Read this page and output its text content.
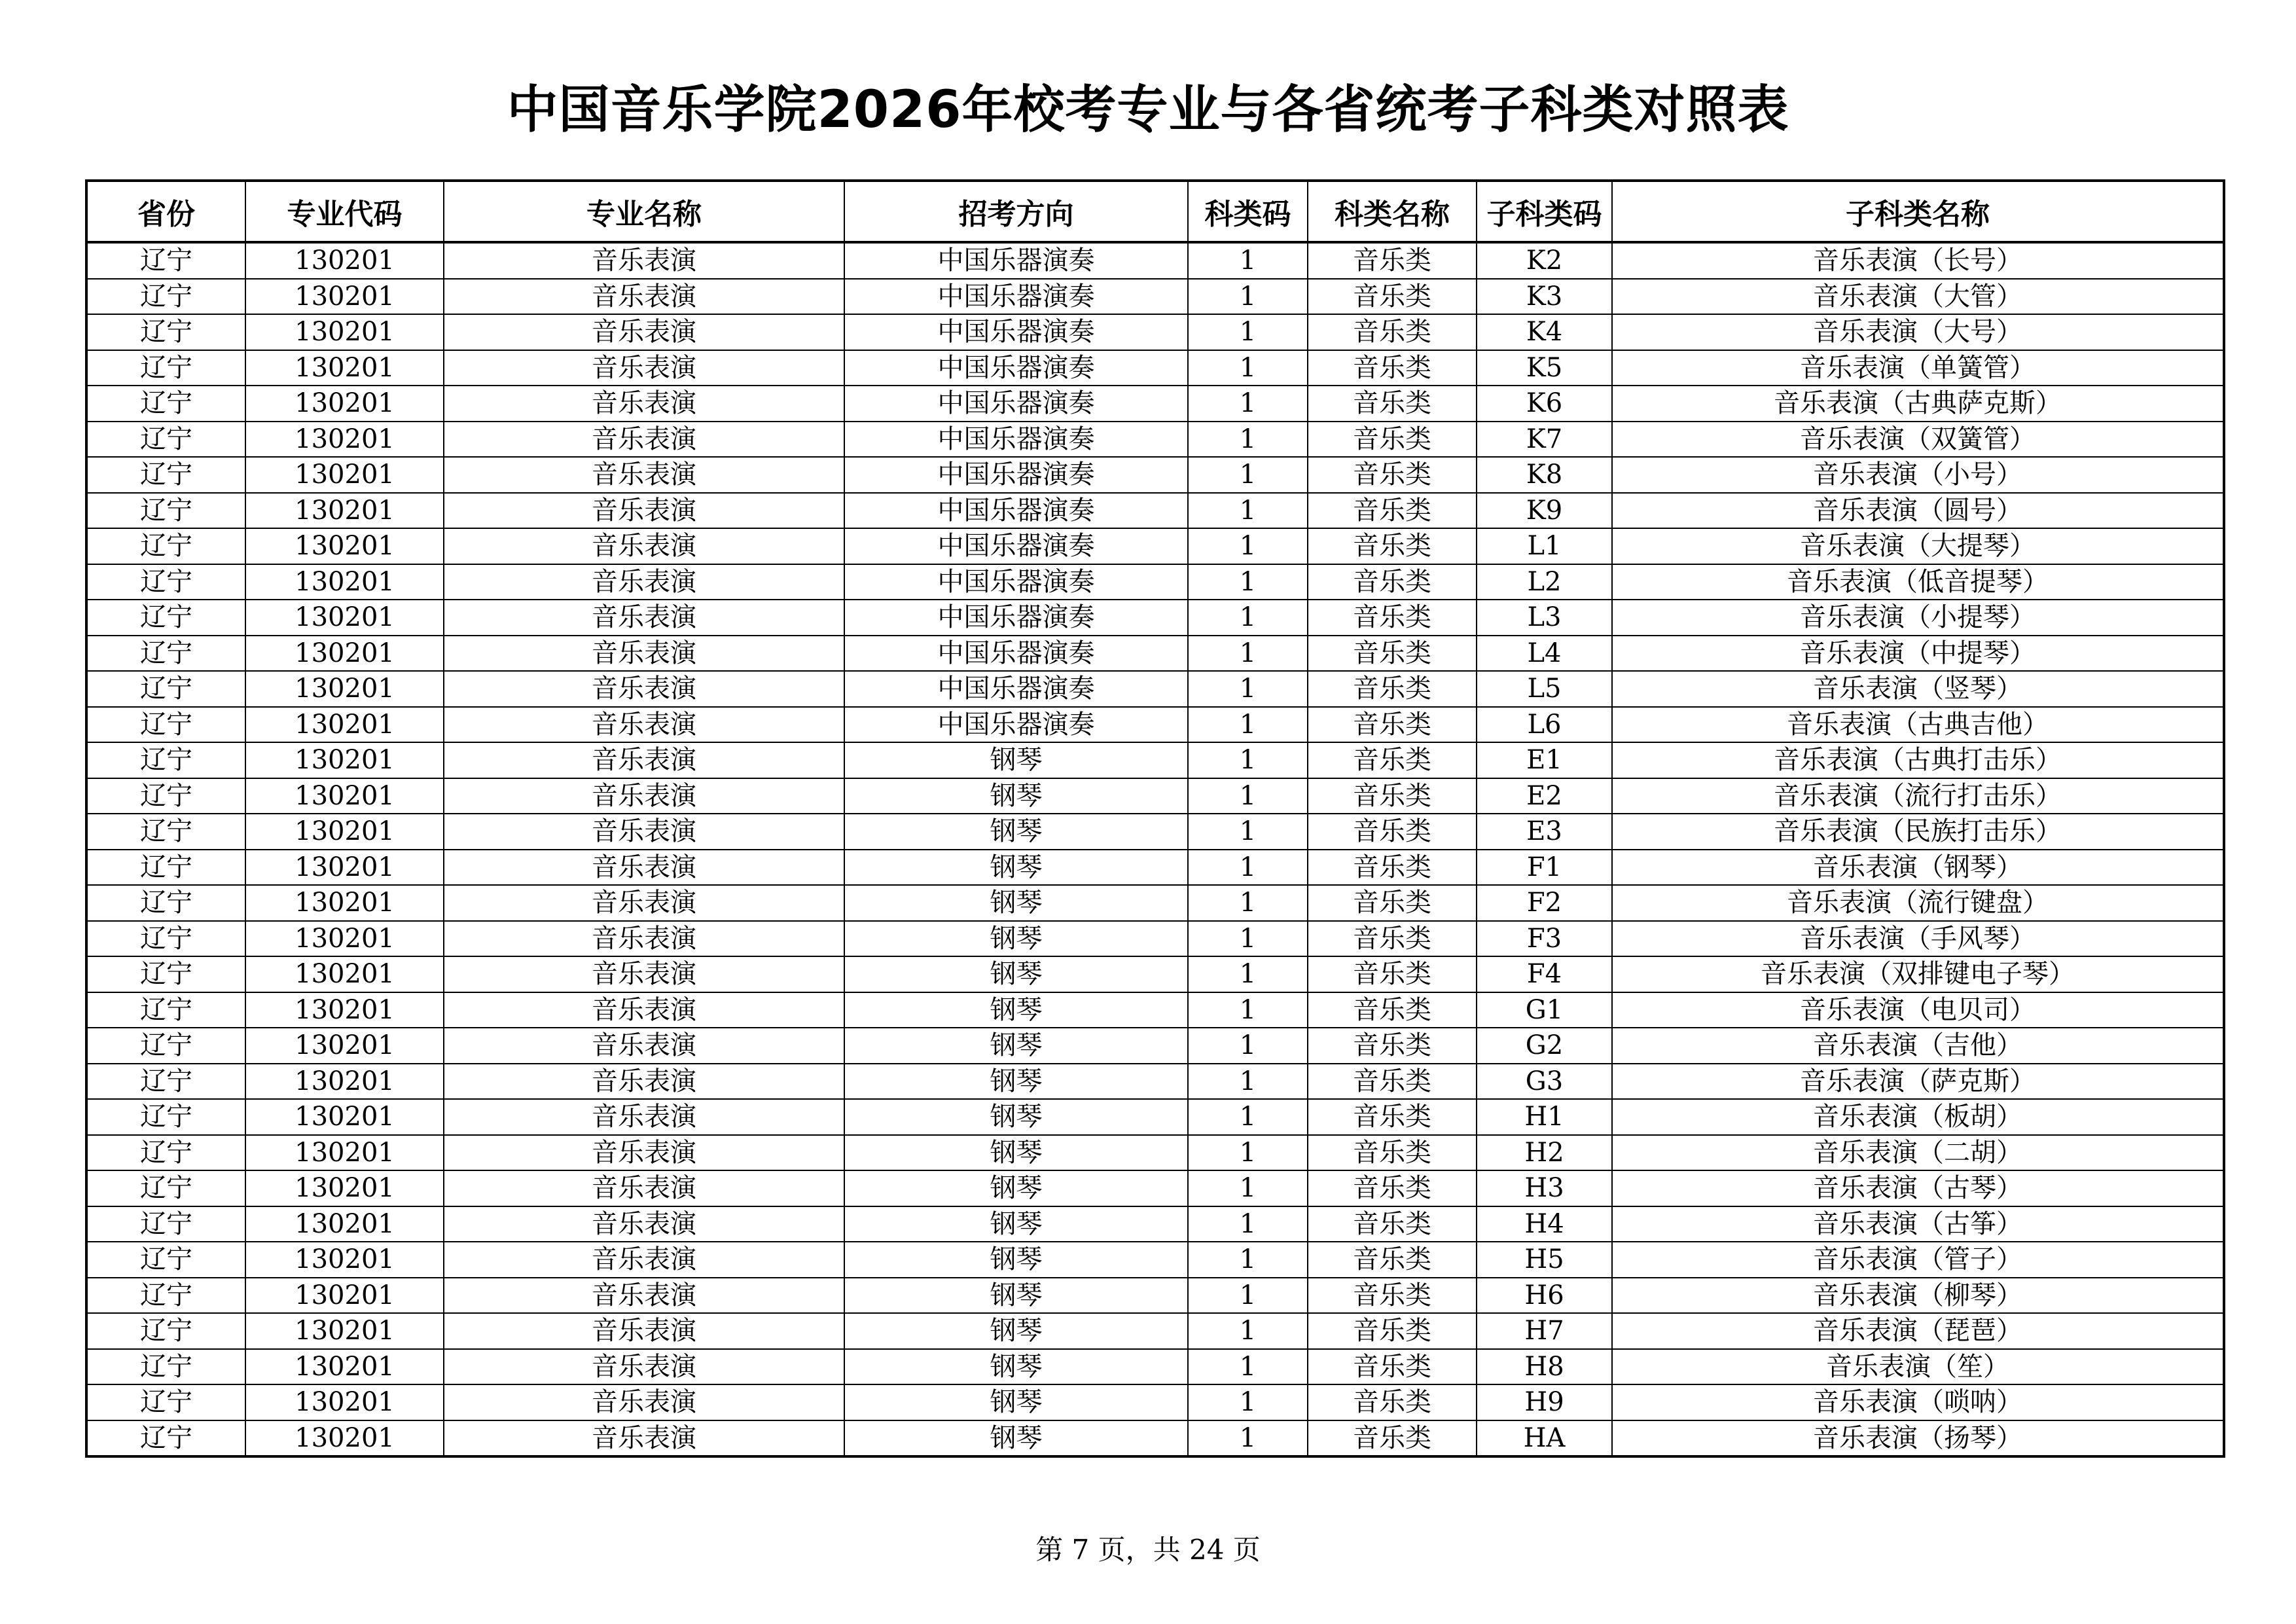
中国音乐学院2026年校考专业与各省统考子科类对照表
省份	专业代码	专业名称	招考方向	科类码	科类名称	子科类码	子科类名称
辽宁	130201	音乐表演	中国乐器演奏	1	音乐类	K2	音乐表演（长号）
辽宁	130201	音乐表演	中国乐器演奏	1	音乐类	K3	音乐表演（大管）
辽宁	130201	音乐表演	中国乐器演奏	1	音乐类	K4	音乐表演（大号）
辽宁	130201	音乐表演	中国乐器演奏	1	音乐类	K5	音乐表演（单簧管）
辽宁	130201	音乐表演	中国乐器演奏	1	音乐类	K6	音乐表演（古典萨克斯）
辽宁	130201	音乐表演	中国乐器演奏	1	音乐类	K7	音乐表演（双簧管）
辽宁	130201	音乐表演	中国乐器演奏	1	音乐类	K8	音乐表演（小号）
辽宁	130201	音乐表演	中国乐器演奏	1	音乐类	K9	音乐表演（圆号）
辽宁	130201	音乐表演	中国乐器演奏	1	音乐类	L1	音乐表演（大提琴）
辽宁	130201	音乐表演	中国乐器演奏	1	音乐类	L2	音乐表演（低音提琴）
辽宁	130201	音乐表演	中国乐器演奏	1	音乐类	L3	音乐表演（小提琴）
辽宁	130201	音乐表演	中国乐器演奏	1	音乐类	L4	音乐表演（中提琴）
辽宁	130201	音乐表演	中国乐器演奏	1	音乐类	L5	音乐表演（竖琴）
辽宁	130201	音乐表演	中国乐器演奏	1	音乐类	L6	音乐表演（古典吉他）
辽宁	130201	音乐表演	钢琴	1	音乐类	E1	音乐表演（古典打击乐）
辽宁	130201	音乐表演	钢琴	1	音乐类	E2	音乐表演（流行打击乐）
辽宁	130201	音乐表演	钢琴	1	音乐类	E3	音乐表演（民族打击乐）
辽宁	130201	音乐表演	钢琴	1	音乐类	F1	音乐表演（钢琴）
辽宁	130201	音乐表演	钢琴	1	音乐类	F2	音乐表演（流行键盘）
辽宁	130201	音乐表演	钢琴	1	音乐类	F3	音乐表演（手风琴）
辽宁	130201	音乐表演	钢琴	1	音乐类	F4	音乐表演（双排键电子琴）
辽宁	130201	音乐表演	钢琴	1	音乐类	G1	音乐表演（电贝司）
辽宁	130201	音乐表演	钢琴	1	音乐类	G2	音乐表演（吉他）
辽宁	130201	音乐表演	钢琴	1	音乐类	G3	音乐表演（萨克斯）
辽宁	130201	音乐表演	钢琴	1	音乐类	H1	音乐表演（板胡）
辽宁	130201	音乐表演	钢琴	1	音乐类	H2	音乐表演（二胡）
辽宁	130201	音乐表演	钢琴	1	音乐类	H3	音乐表演（古琴）
辽宁	130201	音乐表演	钢琴	1	音乐类	H4	音乐表演（古筝）
辽宁	130201	音乐表演	钢琴	1	音乐类	H5	音乐表演（管子）
辽宁	130201	音乐表演	钢琴	1	音乐类	H6	音乐表演（柳琴）
辽宁	130201	音乐表演	钢琴	1	音乐类	H7	音乐表演（琵琶）
辽宁	130201	音乐表演	钢琴	1	音乐类	H8	音乐表演（笙）
辽宁	130201	音乐表演	钢琴	1	音乐类	H9	音乐表演（唢呐）
辽宁	130201	音乐表演	钢琴	1	音乐类	HA	音乐表演（扬琴）
第 7 页，共 24 页
